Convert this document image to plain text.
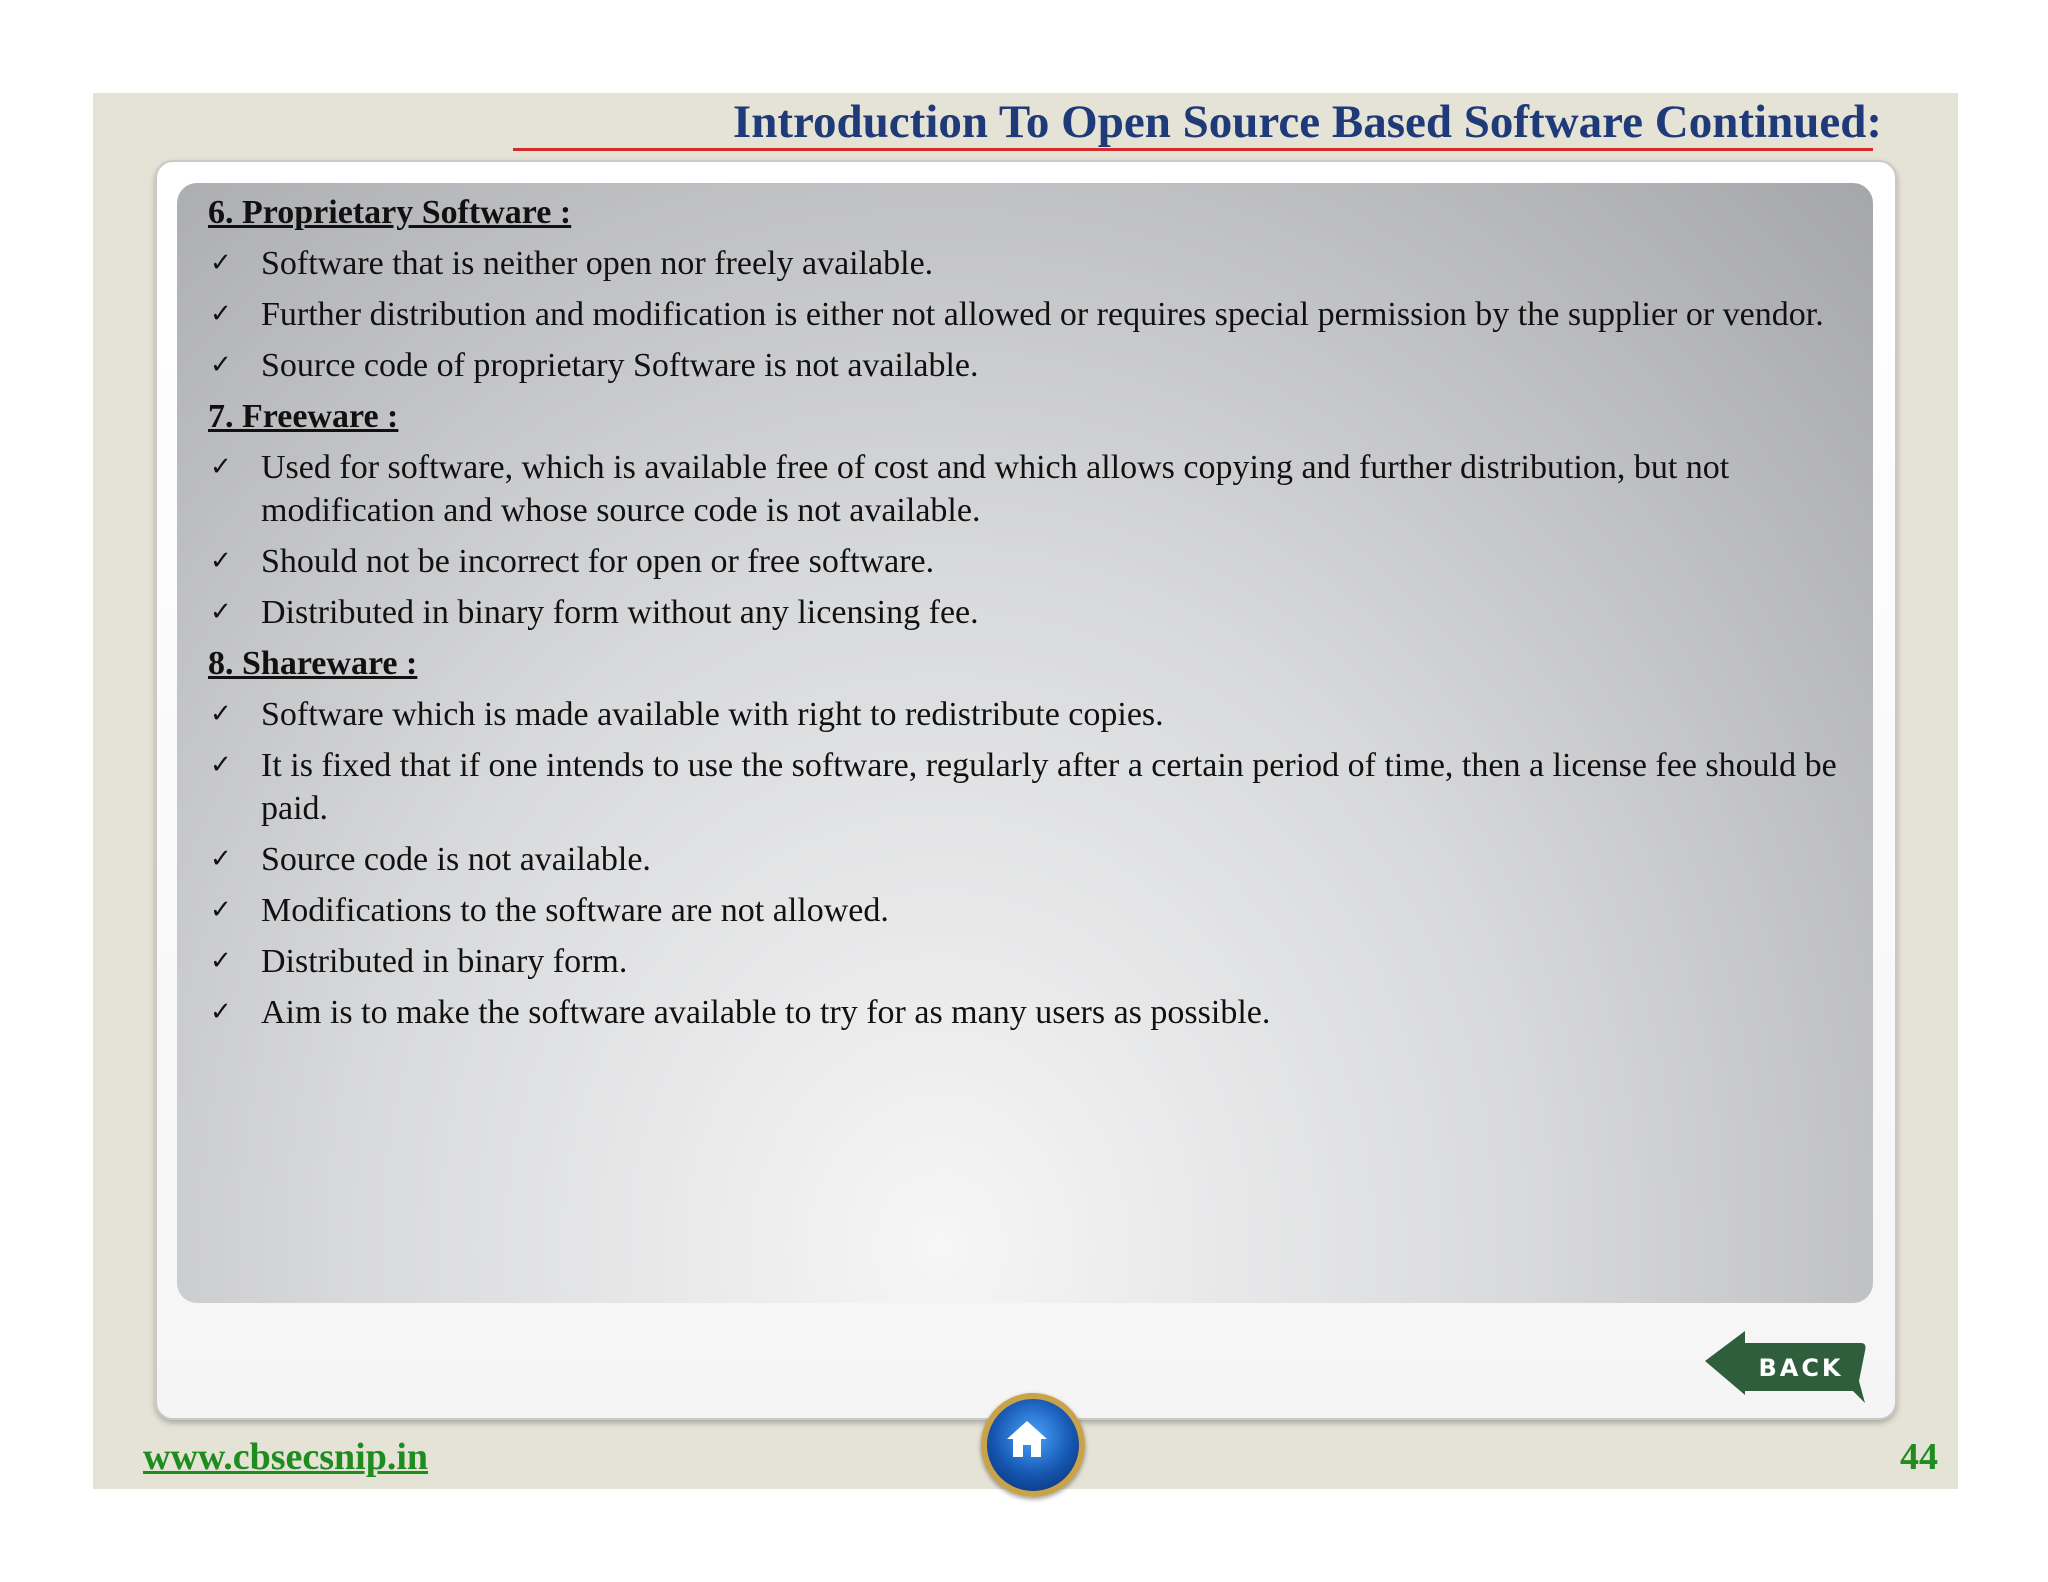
Introduction To Open Source Based Software Continued:
6. Proprietary Software :
✓ Software that is neither open nor freely available.
✓ Further distribution and modification is either not allowed or requires special permission by the supplier or vendor.
✓ Source code of proprietary Software is not available.
7. Freeware :
✓ Used for software, which is available free of cost and which allows copying and further distribution, but not modification and whose source code is not available.
✓ Should not be incorrect for open or free software.
✓ Distributed in binary form without any licensing fee.
8. Shareware :
✓ Software which is made available with right to redistribute copies.
✓ It is fixed that if one intends to use the software, regularly after a certain period of time, then a license fee should be paid.
✓ Source code is not available.
✓ Modifications to the software are not allowed.
✓ Distributed in binary form.
✓ Aim is to make the software available to try for as many users as possible.
BACK
www.cbsecsnip.in	44
